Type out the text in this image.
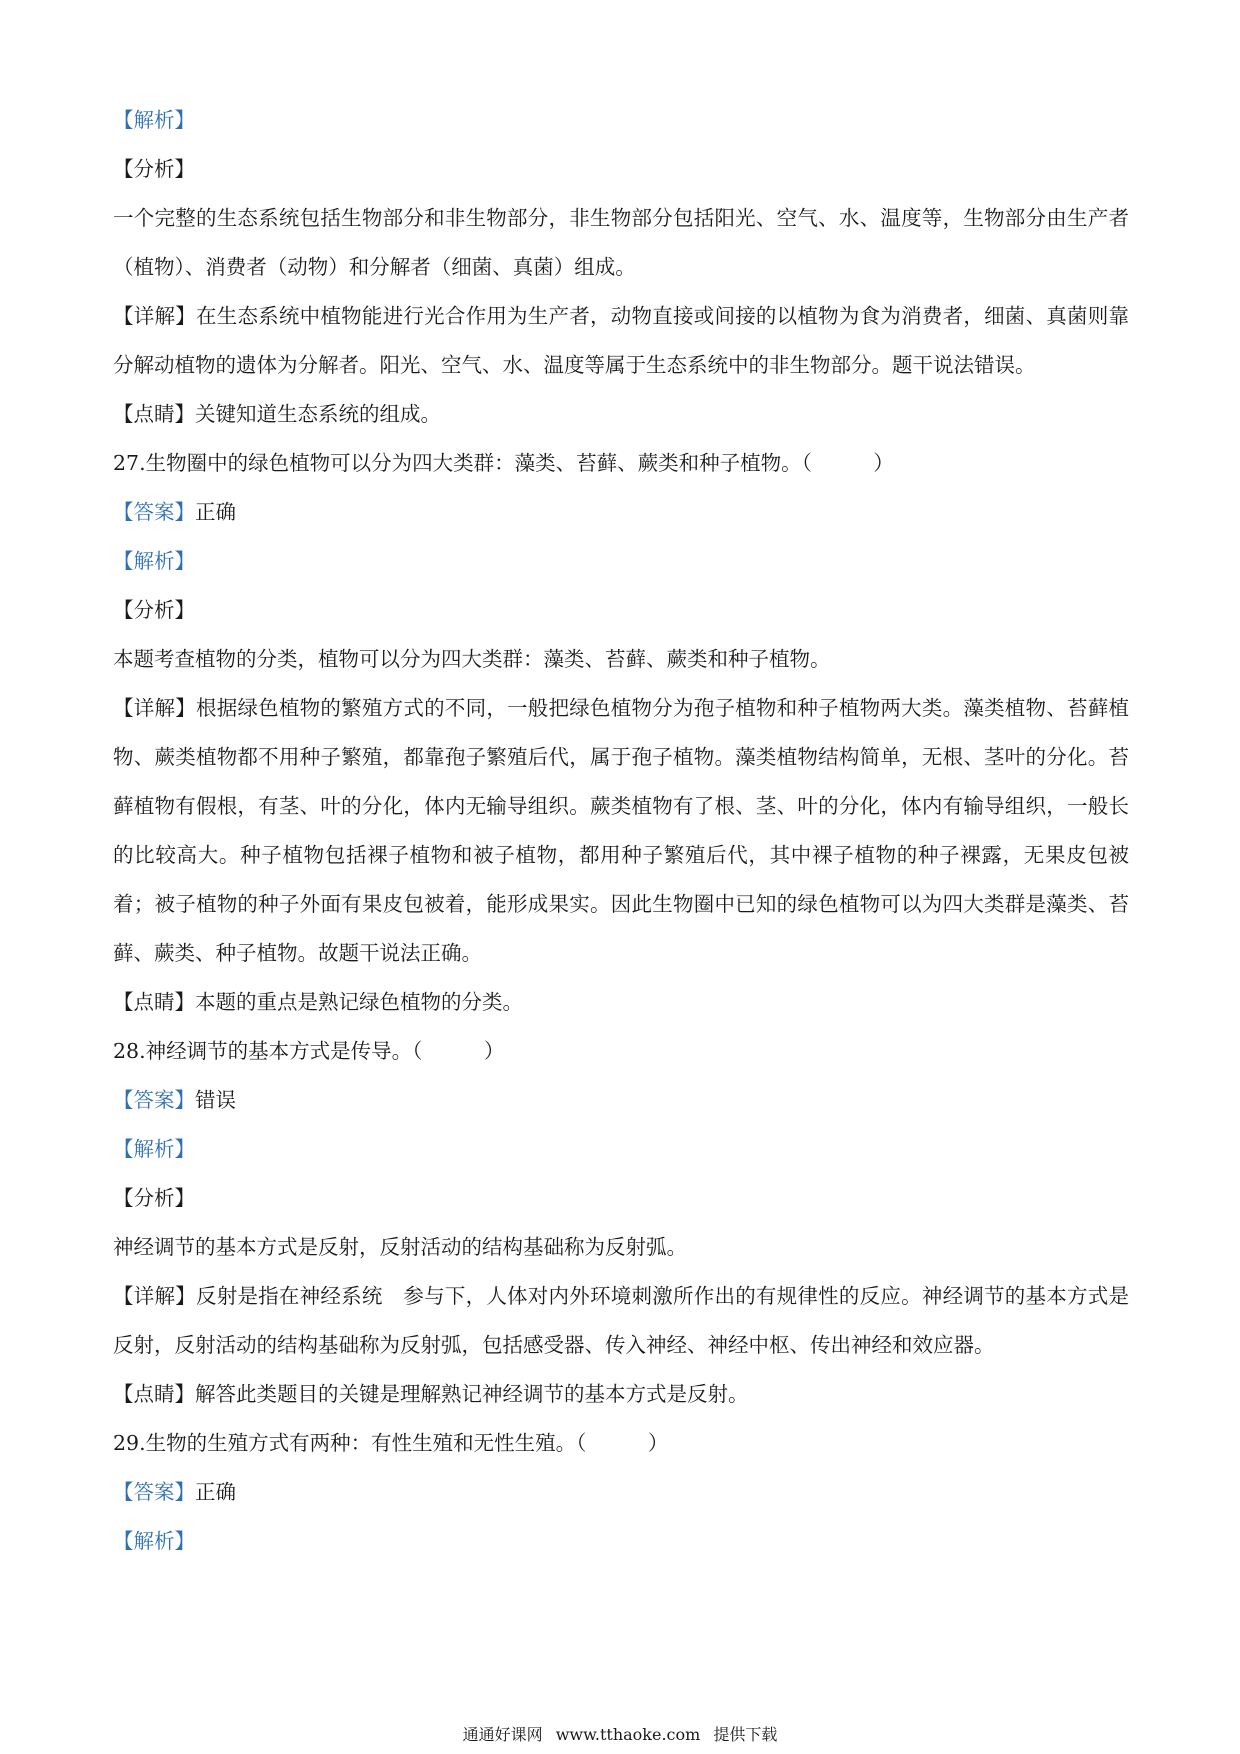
【解析】

【分析】

一个完整的生态系统包括生物部分和非生物部分，非生物部分包括阳光、空气、水、温度等，生物部分由生产者（植物）、消费者（动物）和分解者（细菌、真菌）组成。

【详解】在生态系统中植物能进行光合作用为生产者，动物直接或间接的以植物为食为消费者，细菌、真菌则靠分解动植物的遗体为分解者。阳光、空气、水、温度等属于生态系统中的非生物部分。题干说法错误。

【点睛】关键知道生态系统的组成。

27.生物圈中的绿色植物可以分为四大类群：藻类、苔藓、蕨类和种子植物。（　　　）

【答案】正确

【解析】

【分析】

本题考查植物的分类，植物可以分为四大类群：藻类、苔藓、蕨类和种子植物。

【详解】根据绿色植物的繁殖方式的不同，一般把绿色植物分为孢子植物和种子植物两大类。藻类植物、苔藓植物、蕨类植物都不用种子繁殖，都靠孢子繁殖后代，属于孢子植物。藻类植物结构简单，无根、茎叶的分化。苔藓植物有假根，有茎、叶的分化，体内无输导组织。蕨类植物有了根、茎、叶的分化，体内有输导组织，一般长的比较高大。种子植物包括裸子植物和被子植物，都用种子繁殖后代，其中裸子植物的种子裸露，无果皮包被着；被子植物的种子外面有果皮包被着，能形成果实。因此生物圈中已知的绿色植物可以为四大类群是藻类、苔藓、蕨类、种子植物。故题干说法正确。

【点睛】本题的重点是熟记绿色植物的分类。

28.神经调节的基本方式是传导。（　　　）

【答案】错误

【解析】

【分析】

神经调节的基本方式是反射，反射活动的结构基础称为反射弧。

【详解】反射是指在神经系统　参与下，人体对内外环境刺激所作出的有规律性的反应。神经调节的基本方式是反射，反射活动的结构基础称为反射弧，包括感受器、传入神经、神经中枢、传出神经和效应器。

【点睛】解答此类题目的关键是理解熟记神经调节的基本方式是反射。

29.生物的生殖方式有两种：有性生殖和无性生殖。（　　　）

【答案】正确

【解析】

通通好课网 www.tthaoke.com 提供下载
